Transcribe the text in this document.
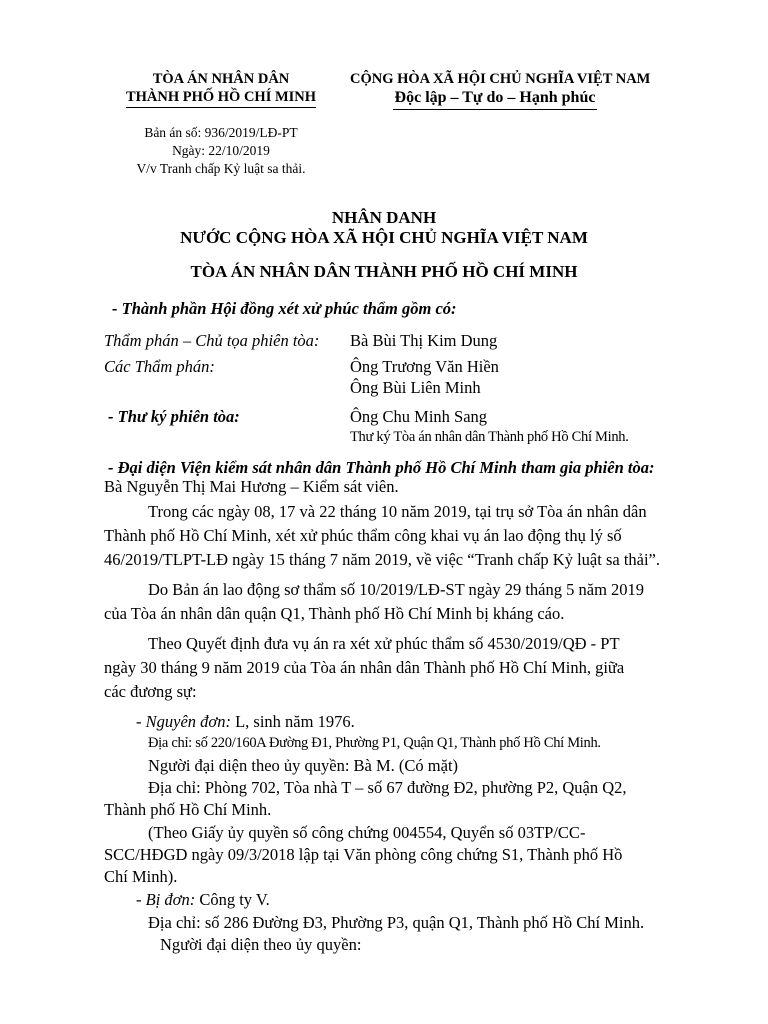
TÒA ÁN NHÂN DÂN
THÀNH PHỐ HỒ CHÍ MINH
CỘNG HÒA XÃ HỘI CHỦ NGHĨA VIỆT NAM
Độc lập – Tự do – Hạnh phúc
Bản án số: 936/2019/LĐ-PT
Ngày: 22/10/2019
V/v Tranh chấp Kỷ luật sa thải.
NHÂN DANH
NƯỚC CỘNG HÒA XÃ HỘI CHỦ NGHĨA VIỆT NAM
TÒA ÁN NHÂN DÂN THÀNH PHỐ HỒ CHÍ MINH
- Thành phần Hội đồng xét xử phúc thẩm gồm có:
Thẩm phán – Chủ tọa phiên tòa: Bà Bùi Thị Kim Dung
Các Thẩm phán:	Ông Trương Văn Hiền
Ông Bùi Liên Minh
- Thư ký phiên tòa:	Ông Chu Minh Sang
Thư ký Tòa án nhân dân Thành phố Hồ Chí Minh.
- Đại diện Viện kiểm sát nhân dân Thành phố Hồ Chí Minh tham gia phiên tòa:
Bà Nguyễn Thị Mai Hương – Kiểm sát viên.
Trong các ngày 08, 17 và 22 tháng 10 năm 2019, tại trụ sở Tòa án nhân dân
Thành phố Hồ Chí Minh, xét xử phúc thẩm công khai vụ án lao động thụ lý số
46/2019/TLPT-LĐ ngày 15 tháng 7 năm 2019, về việc “Tranh chấp Kỷ luật sa thải”.
Do Bản án lao động sơ thẩm số 10/2019/LĐ-ST ngày 29 tháng 5 năm 2019
của Tòa án nhân dân quận Q1, Thành phố Hồ Chí Minh bị kháng cáo.
Theo Quyết định đưa vụ án ra xét xử phúc thẩm số 4530/2019/QĐ - PT
ngày 30 tháng 9 năm 2019 của Tòa án nhân dân Thành phố Hồ Chí Minh, giữa
các đương sự:
- Nguyên đơn: L, sinh năm 1976.
Địa chỉ: số 220/160A Đường Đ1, Phường P1, Quận Q1, Thành phố Hồ Chí Minh.
Người đại diện theo ủy quyền: Bà M. (Có mặt)
Địa chỉ: Phòng 702, Tòa nhà T – số 67 đường Đ2, phường P2, Quận Q2,
Thành phố Hồ Chí Minh.
(Theo Giấy ủy quyền số công chứng 004554, Quyển số 03TP/CC-
SCC/HĐGD ngày 09/3/2018 lập tại Văn phòng công chứng S1, Thành phố Hồ
Chí Minh).
- Bị đơn: Công ty V.
Địa chỉ: số 286 Đường Đ3, Phường P3, quận Q1, Thành phố Hồ Chí Minh.
Người đại diện theo ủy quyền:
